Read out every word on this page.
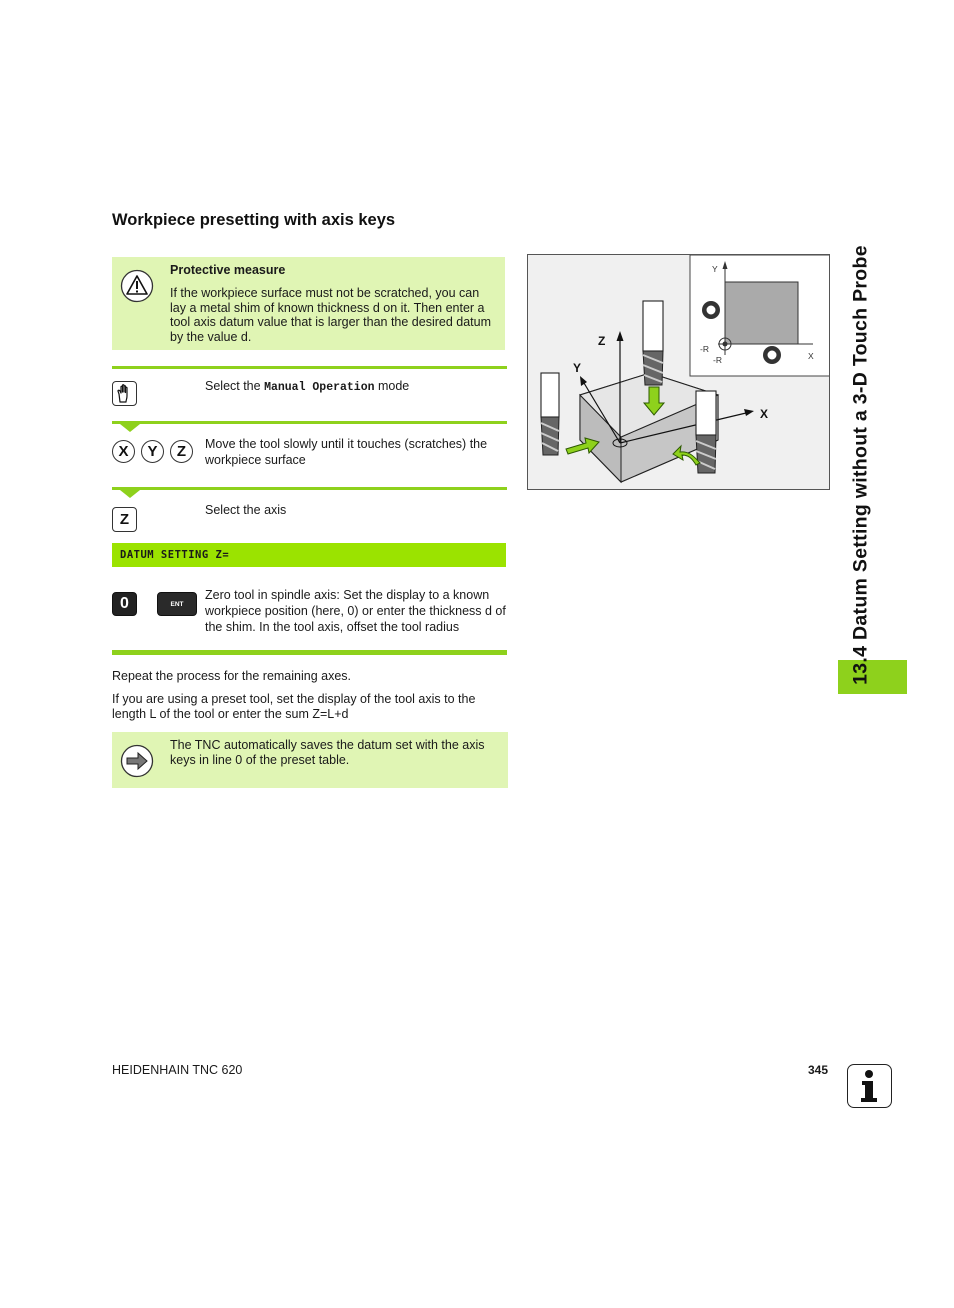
Workpiece presetting with axis keys
Protective measure
If the workpiece surface must not be scratched, you can lay a metal shim of known thickness d on it. Then enter a tool axis datum value that is larger than the desired datum by the value d.
Select the Manual Operation mode
X	Y	Z	Move the tool slowly until it touches (scratches) the workpiece surface
Z
Select the axis
DATUM SETTING Z=
0	ENT
Zero tool in spindle axis: Set the display to a known workpiece position (here, 0) or enter the thickness d of the shim. In the tool axis, offset the tool radius
Repeat the process for the remaining axes.
If you are using a preset tool, set the display of the tool axis to the length L of the tool or enter the sum Z=L+d
The TNC automatically saves the datum set with the axis keys in line 0 of the preset table.
Y
X
-R
-R
Z
Y
X	13.4 Datum Setting without a 3-D Touch Probe
HEIDENHAIN TNC 620	345
